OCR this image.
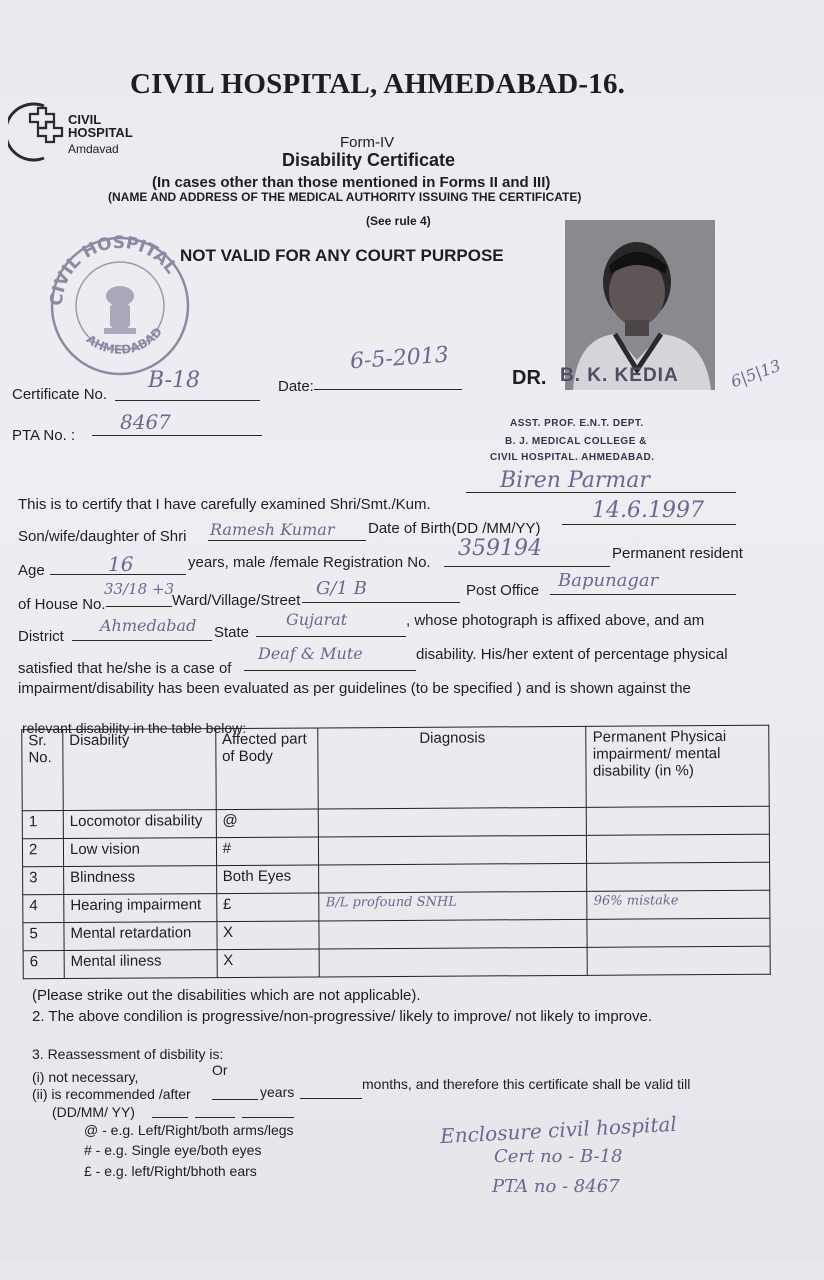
CIVIL HOSPITAL, AHMEDABAD-16.
CIVIL
HOSPITAL
Amdavad	Form-IV
Disability Certificate
(In cases other than those mentioned in Forms II and III)
(NAME AND ADDRESS OF THE MEDICAL AUTHORITY ISSUING THE CERTIFICATE)
(See rule 4)
CIVIL HOSPITAL
AHMEDABAD
NOT VALID FOR ANY COURT PURPOSE
DR. B. K. KEDIA
ASST. PROF. E.N.T. DEPT.
B. J. MEDICAL COLLEGE &
CIVIL HOSPITAL. AHMEDABAD.
6|5|13
Certificate No.
B-18	Date:
6-5-2013
PTA No. :
8467
This is to certify that I have carefully examined Shri/Smt./Kum.
Biren Parmar
Son/wife/daughter of Shri Ramesh Kumar Date of Birth(DD /MM/YY)
14.6.1997
Age	16	years, male /female Registration No.
359194	Permanent resident
of House No.
33/18 +3
Ward/Village/Street
G/1 B	Post Office Bapunagar
District
Ahmedabad State
Gujarat	, whose photograph is affixed above, and am
satisfied that he/she is a case of
Deaf & Mute	disability. His/her extent of percentage physical
impairment/disability has been evaluated as per guidelines (to be specified ) and is shown against the
relevant disability in the table below:
Sr. No.	Disability	Affected part of Body	Diagnosis	Permanent Physicai impairment/ mental disability (in %)
1	Locomotor disability	@		
2	Low vision	#		
3	Blindness	Both Eyes		
4	Hearing impairment	£	B/L profound SNHL	96% mistake
5	Mental retardation	X		
6	Mental iliness	X		
(Please strike out the disabilities which are not applicable).
2. The above condilion is progressive/non-progressive/ likely to improve/ not likely to improve.
3. Reassessment of disbility is:
(i) not necessary,	Or
(ii) is recommended /after	years	months, and therefore this certificate shall be valid till
(DD/MM/ YY)
@ - e.g. Left/Right/both arms/legs
# - e.g. Single eye/both eyes
£ - e.g. left/Right/bhoth ears
Enclosure civil hospital
Cert no - B-18
PTA no - 8467
